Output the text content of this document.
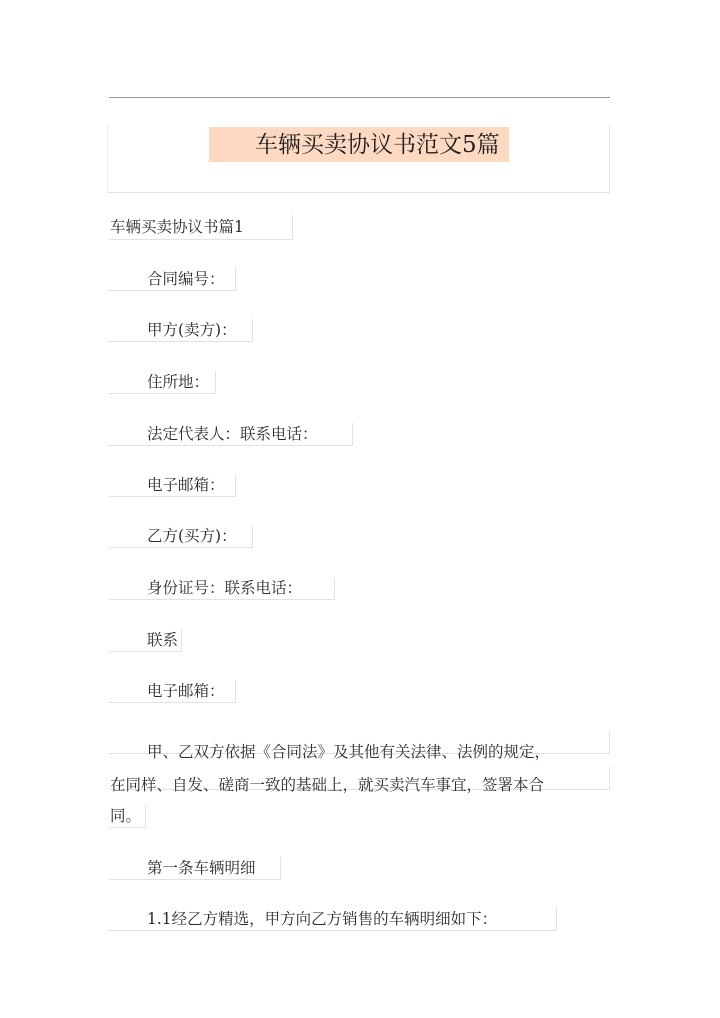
车辆买卖协议书范文5篇
车辆买卖协议书篇1
合同编号：
甲方(卖方)：
住所地：
法定代表人：联系电话：
电子邮箱：
乙方(买方)：
身份证号：联系电话：
联系
电子邮箱：
甲、乙双方依据《合同法》及其他有关法律、法例的规定，
在同样、自发、磋商一致的基础上，就买卖汽车事宜，签署本合
同。
第一条车辆明细
1.1经乙方精选，甲方向乙方销售的车辆明细如下：
